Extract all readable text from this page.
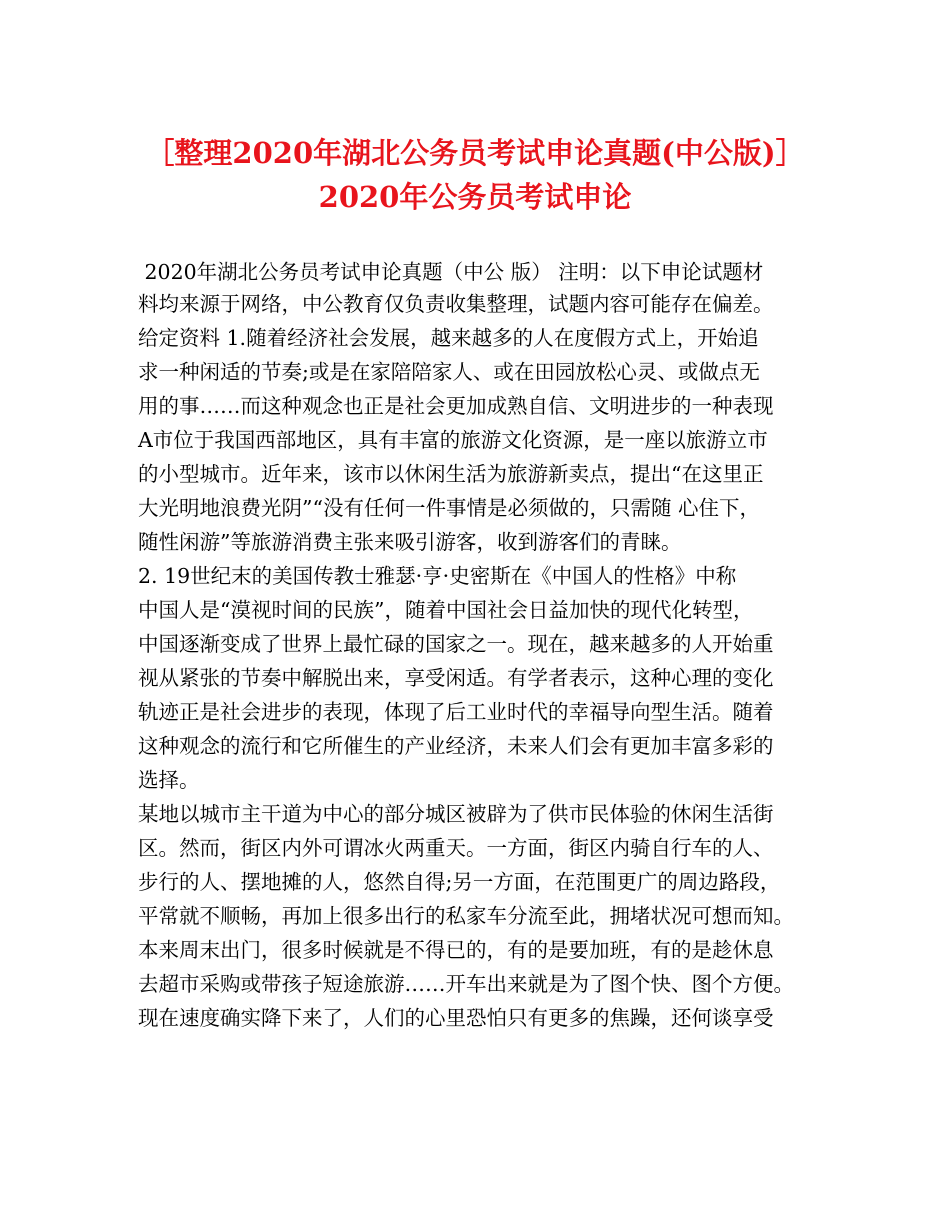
［整理2020年湖北公务员考试申论真题(中公版)］
2020年公务员考试申论
2020年湖北公务员考试申论真题（中公 版） 注明：以下申论试题材
料均来源于网络，中公教育仅负责收集整理，试题内容可能存在偏差。
给定资料 1.随着经济社会发展，越来越多的人在度假方式上，开始追
求一种闲适的节奏;或是在家陪陪家人、或在田园放松心灵、或做点无
用的事……而这种观念也正是社会更加成熟自信、文明进步的一种表现
A市位于我国西部地区，具有丰富的旅游文化资源，是一座以旅游立市
的小型城市。近年来，该市以休闲生活为旅游新卖点，提出“在这里正
大光明地浪费光阴”“没有任何一件事情是必须做的，只需随 心住下，
随性闲游”等旅游消费主张来吸引游客，收到游客们的青睐。
2. 19世纪末的美国传教士雅瑟·亨·史密斯在《中国人的性格》中称
中国人是“漠视时间的民族”，随着中国社会日益加快的现代化转型，
中国逐渐变成了世界上最忙碌的国家之一。现在，越来越多的人开始重
视从紧张的节奏中解脱出来，享受闲适。有学者表示，这种心理的变化
轨迹正是社会进步的表现，体现了后工业时代的幸福导向型生活。随着
这种观念的流行和它所催生的产业经济，未来人们会有更加丰富多彩的
选择。
某地以城市主干道为中心的部分城区被辟为了供市民体验的休闲生活街
区。然而，街区内外可谓冰火两重天。一方面，街区内骑自行车的人、
步行的人、摆地摊的人，悠然自得;另一方面，在范围更广的周边路段，
平常就不顺畅，再加上很多出行的私家车分流至此，拥堵状况可想而知。
本来周末出门，很多时候就是不得已的，有的是要加班，有的是趁休息
去超市采购或带孩子短途旅游……开车出来就是为了图个快、图个方便。
现在速度确实降下来了，人们的心里恐怕只有更多的焦躁，还何谈享受
